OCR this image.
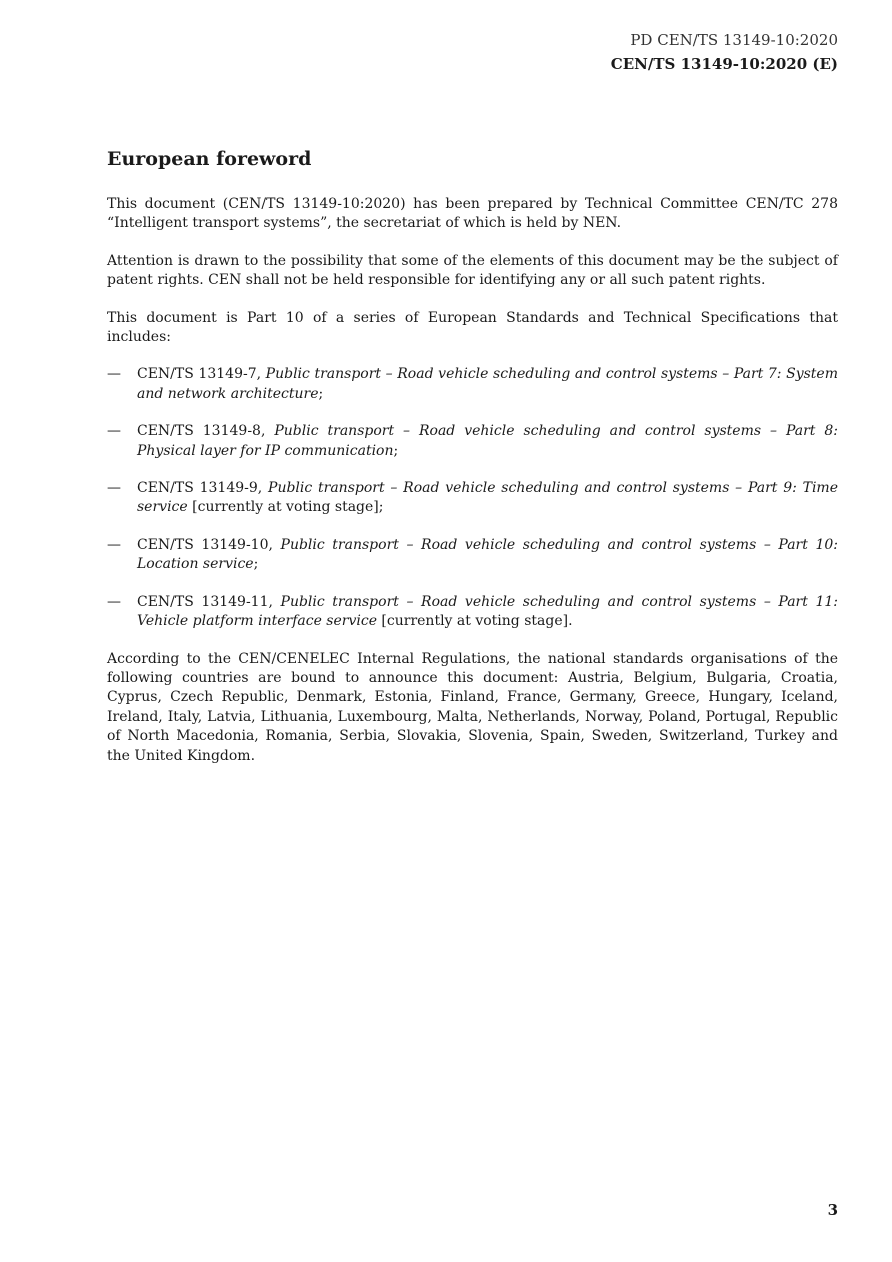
PD CEN/TS 13149-10:2020
CEN/TS 13149-10:2020 (E)
European foreword

This document (CEN/TS 13149-10:2020) has been prepared by Technical Committee CEN/TC 278 “Intelligent transport systems”, the secretariat of which is held by NEN.

Attention is drawn to the possibility that some of the elements of this document may be the subject of patent rights. CEN shall not be held responsible for identifying any or all such patent rights.

This document is Part 10 of a series of European Standards and Technical Specifications that includes:

— CEN/TS 13149-7, Public transport – Road vehicle scheduling and control systems – Part 7: System and network architecture;
— CEN/TS 13149-8, Public transport – Road vehicle scheduling and control systems – Part 8: Physical layer for IP communication;
— CEN/TS 13149-9, Public transport – Road vehicle scheduling and control systems – Part 9: Time service [currently at voting stage];
— CEN/TS 13149-10, Public transport – Road vehicle scheduling and control systems – Part 10: Location service;
— CEN/TS 13149-11, Public transport – Road vehicle scheduling and control systems – Part 11: Vehicle platform interface service [currently at voting stage].

According to the CEN/CENELEC Internal Regulations, the national standards organisations of the following countries are bound to announce this document: Austria, Belgium, Bulgaria, Croatia, Cyprus, Czech Republic, Denmark, Estonia, Finland, France, Germany, Greece, Hungary, Iceland, Ireland, Italy, Latvia, Lithuania, Luxembourg, Malta, Netherlands, Norway, Poland, Portugal, Republic of North Macedonia, Romania, Serbia, Slovakia, Slovenia, Spain, Sweden, Switzerland, Turkey and the United Kingdom.

3
